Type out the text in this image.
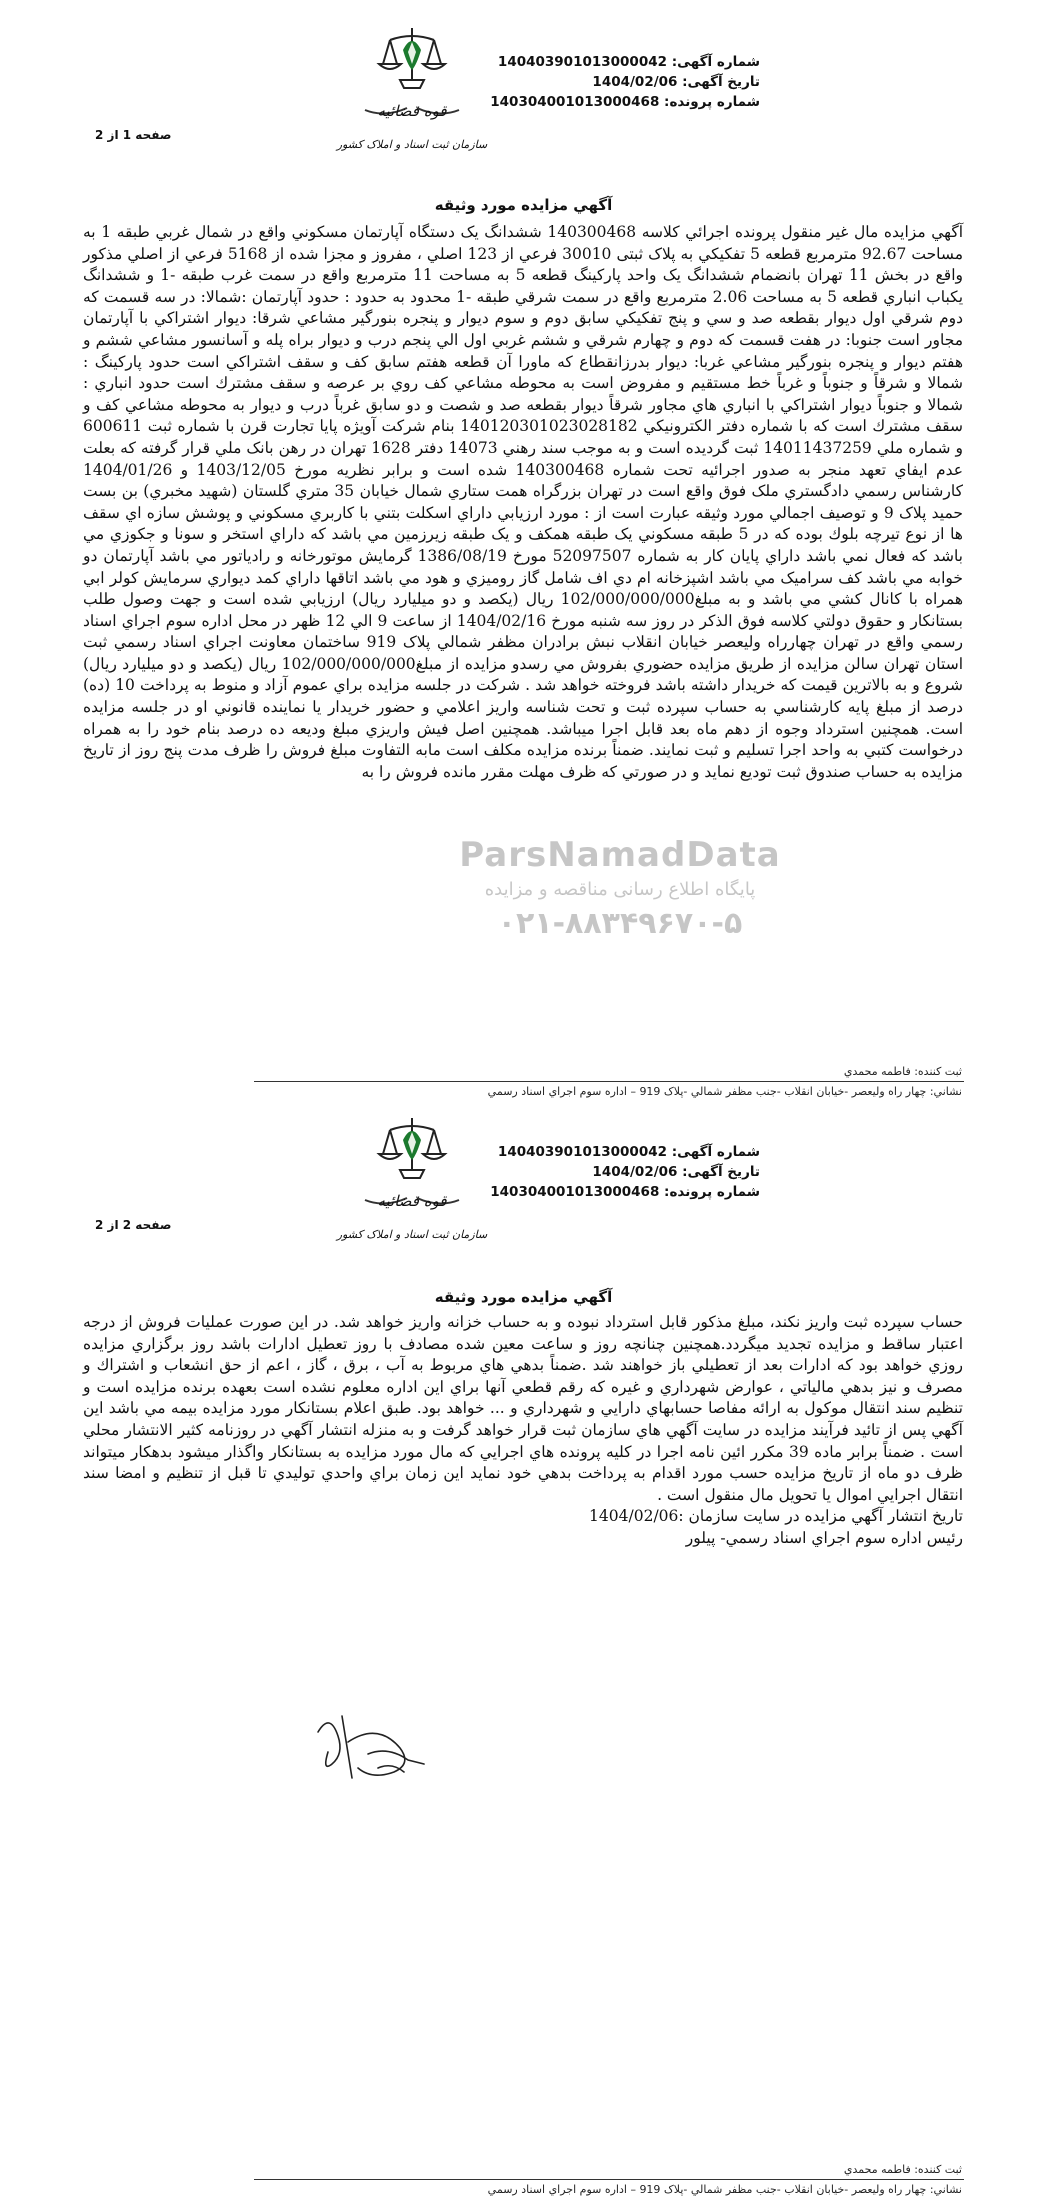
شماره آگهی: 140403901013000042
تاریخ آگهی: 1404/02/06
شماره پرونده: 140304001013000468
قوه قضائیه
سازمان ثبت اسناد و املاک کشور
صفحه 1 از 2
آگهي مزايده مورد وثيقه

آگهي مزايده مال غير منقول پرونده اجرائي كلاسه 140300468 ششدانگ يک دستگاه آپارتمان مسكوني واقع در شمال غربي طبقه 1 به مساحت 92.67 مترمربع قطعه 5 تفكيكي به پلاک ثبتی 30010 فرعي از 123 اصلي ، مفروز و مجزا شده از 5168 فرعي از اصلي مذكور واقع در بخش 11 تهران بانضمام ششدانگ يک واحد پاركينگ قطعه 5 به مساحت 11 مترمربع واقع در سمت غرب طبقه -1 و ششدانگ يكباب انباري قطعه 5 به مساحت 2.06 مترمربع واقع در سمت شرقي طبقه -1 محدود به حدود : حدود آپارتمان :شمالا: در سه قسمت كه دوم شرقي اول ديوار بقطعه صد و سي و پنج تفكيكي سابق دوم و سوم ديوار و پنجره بنورگير مشاعي شرقا: ديوار اشتراكي با آپارتمان مجاور است جنوبا: در هفت قسمت كه دوم و چهارم شرقي و ششم غربي اول الي پنجم درب و ديوار براه پله و آسانسور مشاعي ششم و هفتم ديوار و پنجره بنورگير مشاعي غربا: ديوار بدرزانقطاع كه ماورا آن قطعه هفتم سابق كف و سقف اشتراكي است حدود پاركينگ : شمالا و شرقاً و جنوباً و غرباً خط مستقيم و مفروض است به محوطه مشاعي كف روي بر عرصه و سقف مشترك است حدود انباري : شمالا و جنوباً ديوار اشتراكي با انباري هاي مجاور شرقاً ديوار بقطعه صد و شصت و دو سابق غرباً درب و ديوار به محوطه مشاعي كف و سقف مشترك است كه با شماره دفتر الكترونيكي 140120301023028182 بنام شركت آويژه پايا تجارت قرن با شماره ثبت 600611 و شماره ملي 14011437259 ثبت گرديده است و به موجب سند رهني 14073 دفتر 1628 تهران در رهن بانک ملي قرار گرفته كه بعلت عدم ايفاي تعهد منجر به صدور اجرائيه تحت شماره 140300468 شده است و برابر نظريه مورخ 1403/12/05 و 1404/01/26 كارشناس رسمي دادگستري ملک فوق واقع است در تهران بزرگراه همت ستاري شمال خيابان 35 متري گلستان (شهيد مخبري) بن بست حميد پلاک 9 و توصيف اجمالي مورد وثيقه عبارت است از : مورد ارزيابي داراي اسكلت بتني با كاربري مسكوني و پوشش سازه اي سقف ها از نوع تيرچه بلوك بوده كه در 5 طبقه مسكوني يک طبقه همكف و يک طبقه زيرزمين مي باشد كه داراي استخر و سونا و جكوزي مي باشد كه فعال نمي باشد داراي پايان كار به شماره 52097507 مورخ 1386/08/19 گرمايش موتورخانه و رادياتور مي باشد آپارتمان دو خوابه مي باشد كف سراميک مي باشد اشپزخانه ام دي اف شامل گاز روميزي و هود مي باشد اتاقها داراي كمد ديواري سرمايش كولر ابي همراه با كانال كشي مي باشد و به مبلغ102/000/000/000 ريال (يكصد و دو ميليارد ريال) ارزيابي شده است و جهت وصول طلب بستانكار و حقوق دولتي كلاسه فوق الذكر در روز سه شنبه مورخ 1404/02/16 از ساعت 9 الي 12 ظهر در محل اداره سوم اجراي اسناد رسمي واقع در تهران چهارراه وليعصر خيابان انقلاب نبش برادران مظفر شمالي پلاک 919 ساختمان معاونت اجراي اسناد رسمي ثبت استان تهران سالن مزايده از طريق مزايده حضوري بفروش مي رسدو مزايده از مبلغ102/000/000/000 ريال (يكصد و دو ميليارد ريال) شروع و به بالاترين قيمت كه خريدار داشته باشد فروخته خواهد شد . شركت در جلسه مزايده براي عموم آزاد و منوط به پرداخت 10 (ده) درصد از مبلغ پايه كارشناسي به حساب سپرده ثبت و تحت شناسه واريز اعلامي و حضور خريدار يا نماينده قانوني او در جلسه مزايده است. همچنين استرداد وجوه از دهم ماه بعد قابل اجرا ميباشد. همچنين اصل فيش واريزي مبلغ وديعه ده درصد بنام خود را به همراه درخواست كتبي به واحد اجرا تسليم و ثبت نمايند. ضمناً برنده مزايده مكلف است مابه التفاوت مبلغ فروش را ظرف مدت پنج روز از تاريخ مزايده به حساب صندوق ثبت توديع نمايد و در صورتي كه ظرف مهلت مقرر مانده فروش را به

ParsNamadData
پایگاه اطلاع رسانی مناقصه و مزایده
۰۲۱-۸۸۳۴۹۶۷۰-۵
ثبت كننده: فاطمه محمدي
نشاني: چهار راه وليعصر -خيابان انقلاب -جنب مظفر شمالي -پلاک 919 – اداره سوم اجراي اسناد رسمي
شماره آگهی: 140403901013000042
تاریخ آگهی: 1404/02/06
شماره پرونده: 140304001013000468
قوه قضائیه
سازمان ثبت اسناد و املاک کشور
صفحه 2 از 2
آگهي مزايده مورد وثيقه

حساب سپرده ثبت واريز نكند، مبلغ مذكور قابل استرداد نبوده و به حساب خزانه واريز خواهد شد. در اين صورت عمليات فروش از درجه اعتبار ساقط و مزايده تجديد ميگردد.همچنين چنانچه روز و ساعت معين شده مصادف با روز تعطيل ادارات باشد روز برگزاري مزايده روزي خواهد بود كه ادارات بعد از تعطيلي باز خواهند شد .ضمناً بدهي هاي مربوط به آب ، برق ، گاز ، اعم از حق انشعاب و اشتراك و مصرف و نيز بدهي مالياتي ، عوارض شهرداري و غيره كه رقم قطعي آنها براي اين اداره معلوم نشده است بعهده برنده مزايده است و تنظيم سند انتقال موكول به ارائه مفاصا حسابهاي دارايي و شهرداري و ... خواهد بود. طبق اعلام بستانكار مورد مزايده بيمه مي باشد اين آگهي پس از تائيد فرآيند مزايده در سايت آگهي هاي سازمان ثبت قرار خواهد گرفت و به منزله انتشار آگهي در روزنامه كثير الانتشار محلي است . ضمناً برابر ماده 39 مكرر ائين نامه اجرا در كليه پرونده هاي اجرايي كه مال مورد مزايده به بستانكار واگذار ميشود بدهكار ميتواند ظرف دو ماه از تاريخ مزايده حسب مورد اقدام به پرداخت بدهي خود نمايد اين زمان براي واحدي توليدي تا قبل از تنظيم و امضا سند انتقال اجرايي اموال يا تحويل مال منقول است .

تاريخ انتشار آگهي مزايده در سايت سازمان :1404/02/06

رئيس اداره سوم اجراي اسناد رسمي- پيلور

ثبت كننده: فاطمه محمدي
نشاني: چهار راه وليعصر -خيابان انقلاب -جنب مظفر شمالي -پلاک 919 – اداره سوم اجراي اسناد رسمي
